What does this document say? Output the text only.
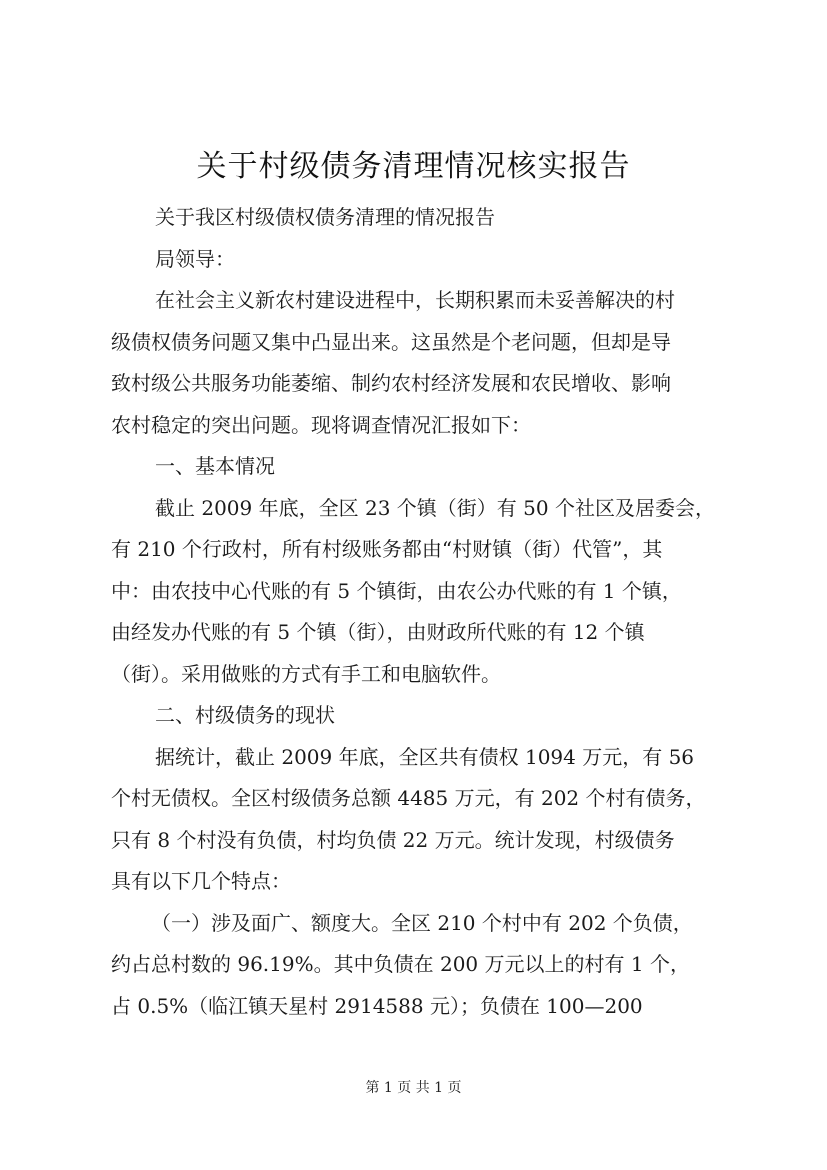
关于村级债务清理情况核实报告
关于我区村级债权债务清理的情况报告
局领导：
在社会主义新农村建设进程中，长期积累而未妥善解决的村
级债权债务问题又集中凸显出来。这虽然是个老问题，但却是导
致村级公共服务功能萎缩、制约农村经济发展和农民增收、影响
农村稳定的突出问题。现将调查情况汇报如下：
一、基本情况
截止 2009 年底，全区 23 个镇（街）有 50 个社区及居委会，
有 210 个行政村，所有村级账务都由“村财镇（街）代管”，其
中：由农技中心代账的有 5 个镇街，由农公办代账的有 1 个镇，
由经发办代账的有 5 个镇（街），由财政所代账的有 12 个镇
（街）。采用做账的方式有手工和电脑软件。
二、村级债务的现状
据统计，截止 2009 年底，全区共有债权 1094 万元，有 56
个村无债权。全区村级债务总额 4485 万元，有 202 个村有债务，
只有 8 个村没有负债，村均负债 22 万元。统计发现，村级债务
具有以下几个特点：
（一）涉及面广、额度大。全区 210 个村中有 202 个负债，
约占总村数的 96.19%。其中负债在 200 万元以上的村有 1 个，
占 0.5%（临江镇天星村 2914588 元）；负债在 100—200
第 1 页 共 1 页
